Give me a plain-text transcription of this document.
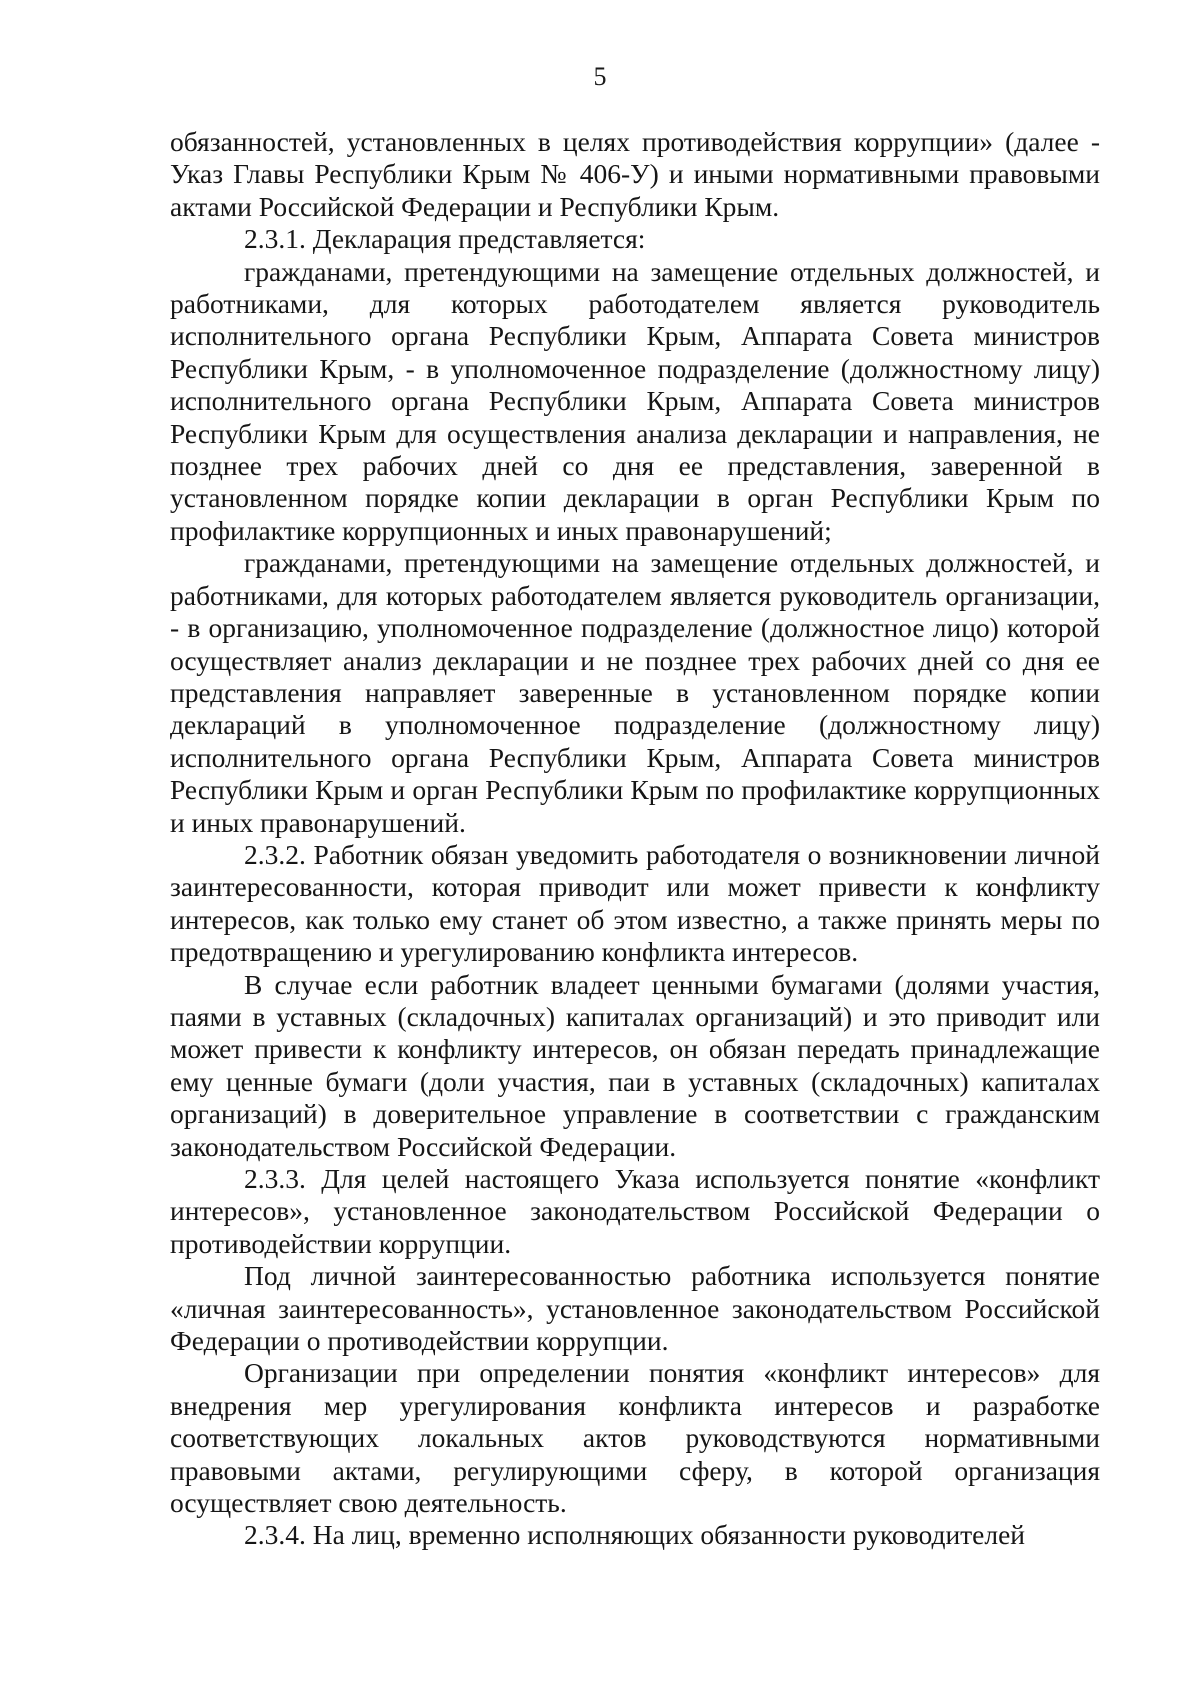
5

обязанностей, установленных в целях противодействия коррупции» (далее - Указ Главы Республики Крым № 406-У) и иными нормативными правовыми актами Российской Федерации и Республики Крым.

2.3.1. Декларация представляется:

гражданами, претендующими на замещение отдельных должностей, и работниками, для которых работодателем является руководитель исполнительного органа Республики Крым, Аппарата Совета министров Республики Крым, - в уполномоченное подразделение (должностному лицу) исполнительного органа Республики Крым, Аппарата Совета министров Республики Крым для осуществления анализа декларации и направления, не позднее трех рабочих дней со дня ее представления, заверенной в установленном порядке копии декларации в орган Республики Крым по профилактике коррупционных и иных правонарушений;

гражданами, претендующими на замещение отдельных должностей, и работниками, для которых работодателем является руководитель организации, - в организацию, уполномоченное подразделение (должностное лицо) которой осуществляет анализ декларации и не позднее трех рабочих дней со дня ее представления направляет заверенные в установленном порядке копии деклараций в уполномоченное подразделение (должностному лицу) исполнительного органа Республики Крым, Аппарата Совета министров Республики Крым и орган Республики Крым по профилактике коррупционных и иных правонарушений.

2.3.2. Работник обязан уведомить работодателя о возникновении личной заинтересованности, которая приводит или может привести к конфликту интересов, как только ему станет об этом известно, а также принять меры по предотвращению и урегулированию конфликта интересов.

В случае если работник владеет ценными бумагами (долями участия, паями в уставных (складочных) капиталах организаций) и это приводит или может привести к конфликту интересов, он обязан передать принадлежащие ему ценные бумаги (доли участия, паи в уставных (складочных) капиталах организаций) в доверительное управление в соответствии с гражданским законодательством Российской Федерации.

2.3.3. Для целей настоящего Указа используется понятие «конфликт интересов», установленное законодательством Российской Федерации о противодействии коррупции.

Под личной заинтересованностью работника используется понятие «личная заинтересованность», установленное законодательством Российской Федерации о противодействии коррупции.

Организации при определении понятия «конфликт интересов» для внедрения мер урегулирования конфликта интересов и разработке соответствующих локальных актов руководствуются нормативными правовыми актами, регулирующими сферу, в которой организация осуществляет свою деятельность.

2.3.4. На лиц, временно исполняющих обязанности руководителей
